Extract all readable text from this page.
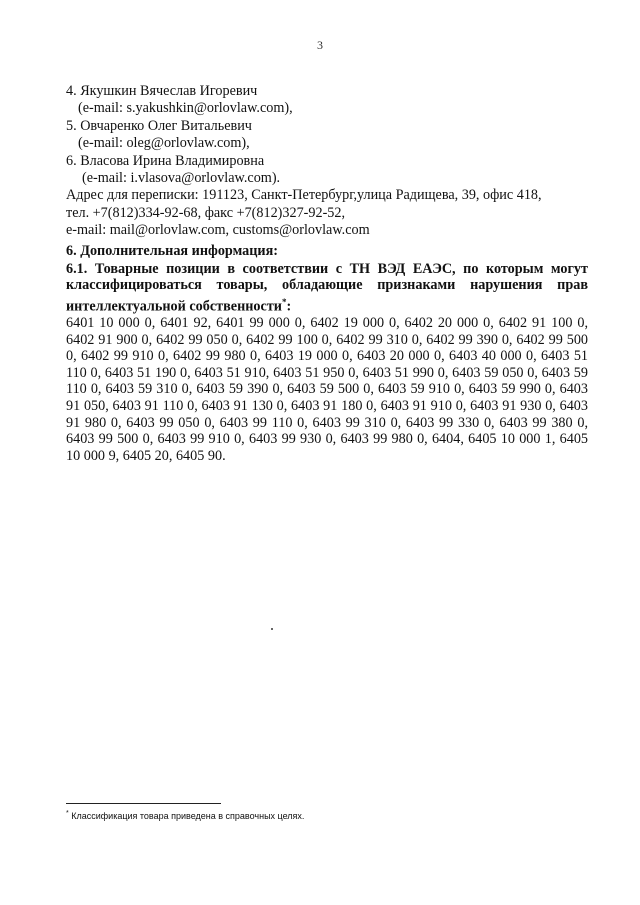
3
4. Якушкин Вячеслав Игоревич
(e-mail: s.yakushkin@orlovlaw.com),
5. Овчаренко Олег Витальевич
(e-mail: oleg@orlovlaw.com),
6. Власова Ирина Владимировна
(e-mail: i.vlasova@orlovlaw.com).
Адрес для переписки: 191123, Санкт-Петербург,улица Радищева, 39, офис 418,
тел. +7(812)334-92-68, факс +7(812)327-92-52,
e-mail: mail@orlovlaw.com, customs@orlovlaw.com
6. Дополнительная информация:
6.1. Товарные позиции в соответствии с ТН ВЭД ЕАЭС, по которым могут классифицироваться товары, обладающие признаками нарушения прав интеллектуальной собственности*:
6401 10 000 0, 6401 92, 6401 99 000 0, 6402 19 000 0, 6402 20 000 0, 6402 91 100 0, 6402 91 900 0, 6402 99 050 0, 6402 99 100 0, 6402 99 310 0, 6402 99 390 0, 6402 99 500 0, 6402 99 910 0, 6402 99 980 0, 6403 19 000 0, 6403 20 000 0, 6403 40 000 0, 6403 51 110 0, 6403 51 190 0, 6403 51 910, 6403 51 950 0, 6403 51 990 0, 6403 59 050 0, 6403 59 110 0, 6403 59 310 0, 6403 59 390 0, 6403 59 500 0, 6403 59 910 0, 6403 59 990 0, 6403 91 050, 6403 91 110 0, 6403 91 130 0, 6403 91 180 0, 6403 91 910 0, 6403 91 930 0, 6403 91 980 0, 6403 99 050 0, 6403 99 110 0, 6403 99 310 0, 6403 99 330 0, 6403 99 380 0, 6403 99 500 0, 6403 99 910 0, 6403 99 930 0, 6403 99 980 0, 6404, 6405 10 000 1, 6405 10 000 9, 6405 20, 6405 90.
* Классификация товара приведена в справочных целях.
